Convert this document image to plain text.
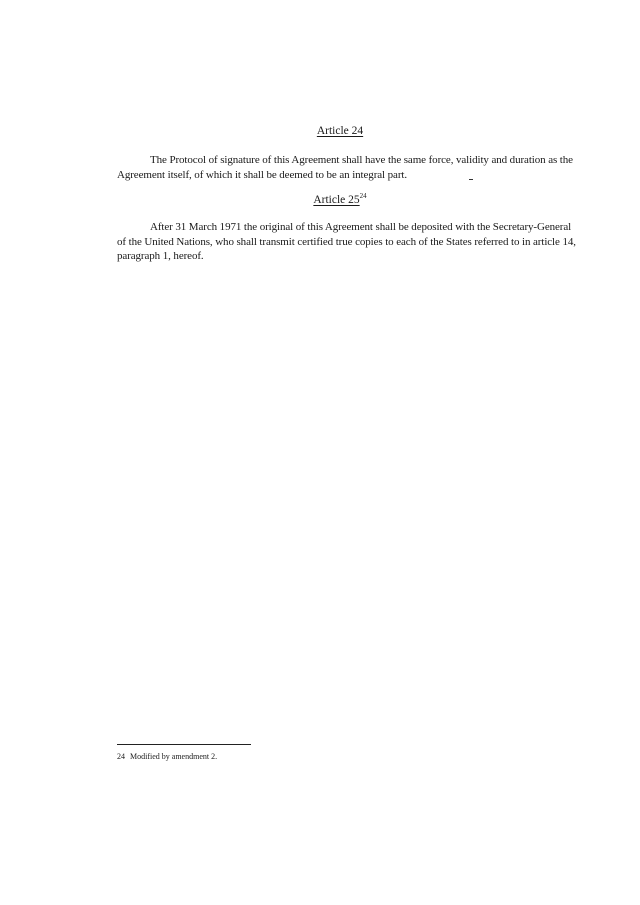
Article 24
The Protocol of signature of this Agreement shall have the same force, validity and duration as the Agreement itself, of which it shall be deemed to be an integral part.
Article $25^{24}$
After 31 March 1971 the original of this Agreement shall be deposited with the Secretary-General of the United Nations, who shall transmit certified true copies to each of the States referred to in article 14, paragraph 1, hereof.
24 Modified by amendment 2.
